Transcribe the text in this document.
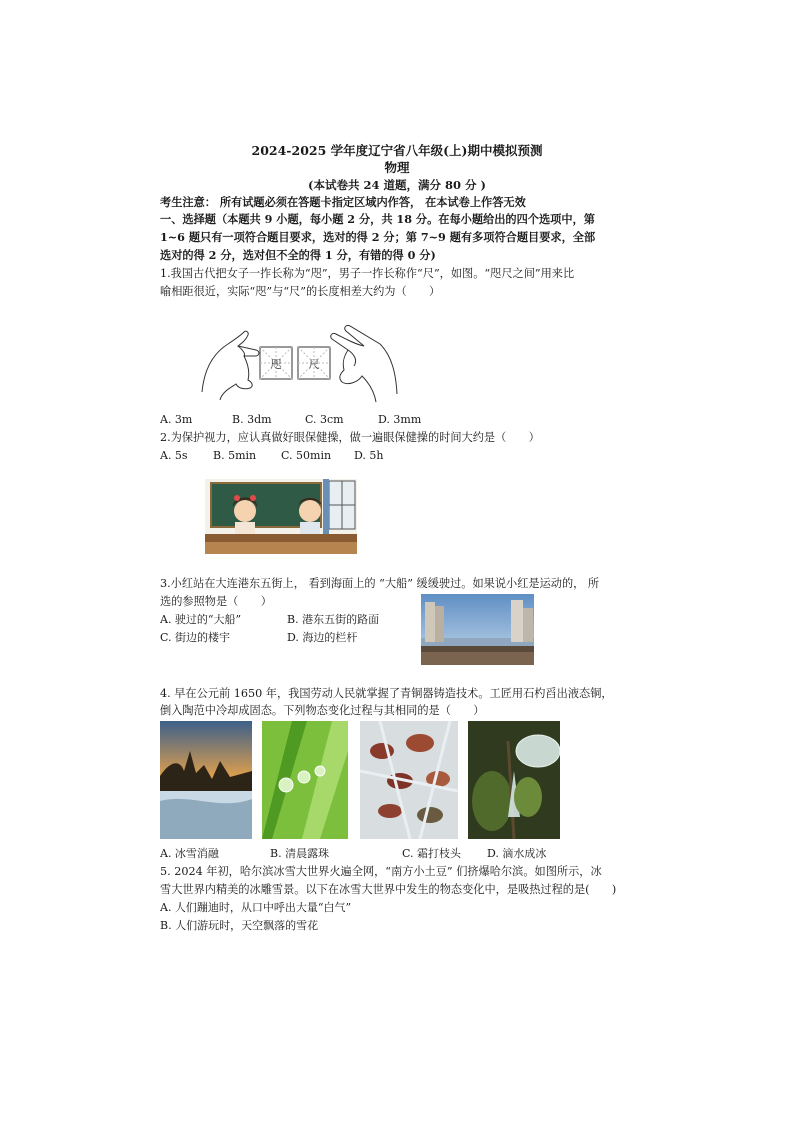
2024-2025 学年度辽宁省八年级(上)期中模拟预测
物理
(本试卷共 24 道题，满分 80 分 )
考生注意： 所有试题必须在答题卡指定区域内作答， 在本试卷上作答无效
一、选择题（本题共 9 小题，每小题 2 分，共 18 分。在每小题给出的四个选项中，第
1~6 题只有一项符合题目要求，选对的得 2 分；第 7~9 题有多项符合题目要求，全部
选对的得 2 分，选对但不全的得 1 分，有错的得 0 分)
1.我国古代把女子一拃长称为“咫”，男子一拃长称作“尺”，如图。“咫尺之间”用来比
喻相距很近，实际“咫”与“尺”的长度相差大约为（　　）
咫 尺
A. 3m	B. 3dm	C. 3cm	D. 3mm
2.为保护视力，应认真做好眼保健操，做一遍眼保健操的时间大约是（　　）
A. 5s B. 5min C. 50min D. 5h
3.小红站在大连港东五街上， 看到海面上的 “大船” 缓缓驶过。如果说小红是运动的， 所
选的参照物是（　　）
A. 驶过的“大船”	B. 港东五街的路面
C. 街边的楼宇	D. 海边的栏杆
4. 早在公元前 1650 年，我国劳动人民就掌握了青铜器铸造技术。工匠用石杓舀出液态铜，
倒入陶范中冷却成固态。下列物态变化过程与其相同的是（　　）
A. 冰雪消融	B. 清晨露珠	C. 霜打枝头 D. 滴水成冰
5. 2024 年初，哈尔滨冰雪大世界火遍全网，“南方小土豆” 们挤爆哈尔滨。如图所示，冰
雪大世界内精美的冰雕雪景。以下在冰雪大世界中发生的物态变化中，是吸热过程的是(　　)
A. 人们蹦迪时，从口中呼出大量“白气”
B. 人们游玩时，天空飘落的雪花
